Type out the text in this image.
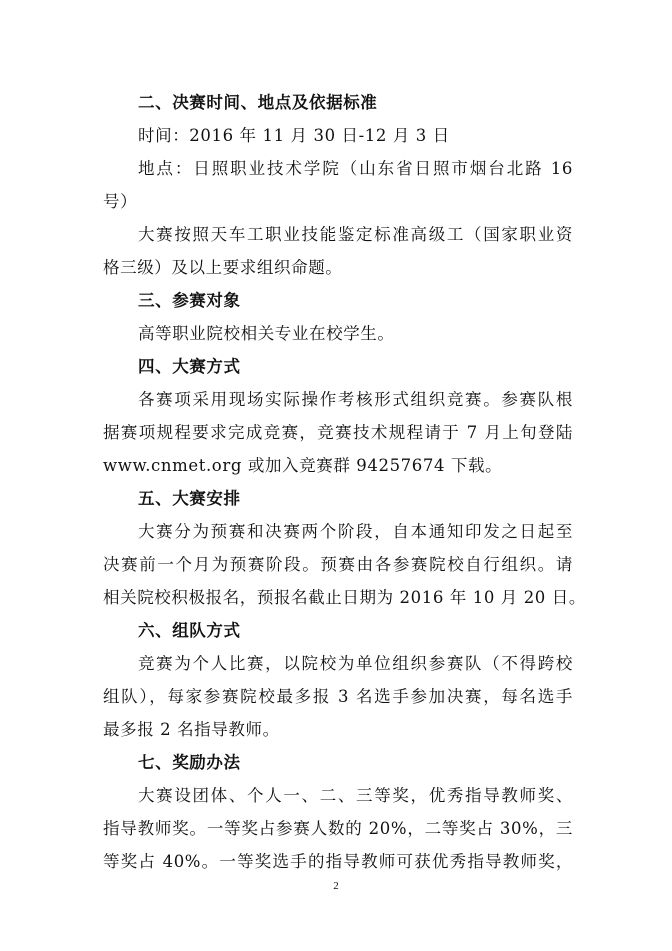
二、决赛时间、地点及依据标准
时间：2016 年 11 月 30 日-12 月 3 日
地点：日照职业技术学院（山东省日照市烟台北路 16
号）
大赛按照天车工职业技能鉴定标准高级工（国家职业资
格三级）及以上要求组织命题。
三、参赛对象
高等职业院校相关专业在校学生。
四、大赛方式
各赛项采用现场实际操作考核形式组织竞赛。参赛队根
据赛项规程要求完成竞赛，竞赛技术规程请于 7 月上旬登陆
www.cnmet.org 或加入竞赛群 94257674 下载。
五、大赛安排
大赛分为预赛和决赛两个阶段，自本通知印发之日起至
决赛前一个月为预赛阶段。预赛由各参赛院校自行组织。请
相关院校积极报名，预报名截止日期为 2016 年 10 月 20 日。
六、组队方式
竞赛为个人比赛，以院校为单位组织参赛队（不得跨校
组队），每家参赛院校最多报 3 名选手参加决赛，每名选手
最多报 2 名指导教师。
七、奖励办法
大赛设团体、个人一、二、三等奖，优秀指导教师奖、
指导教师奖。一等奖占参赛人数的 20%，二等奖占 30%，三
等奖占 40%。一等奖选手的指导教师可获优秀指导教师奖，
2
